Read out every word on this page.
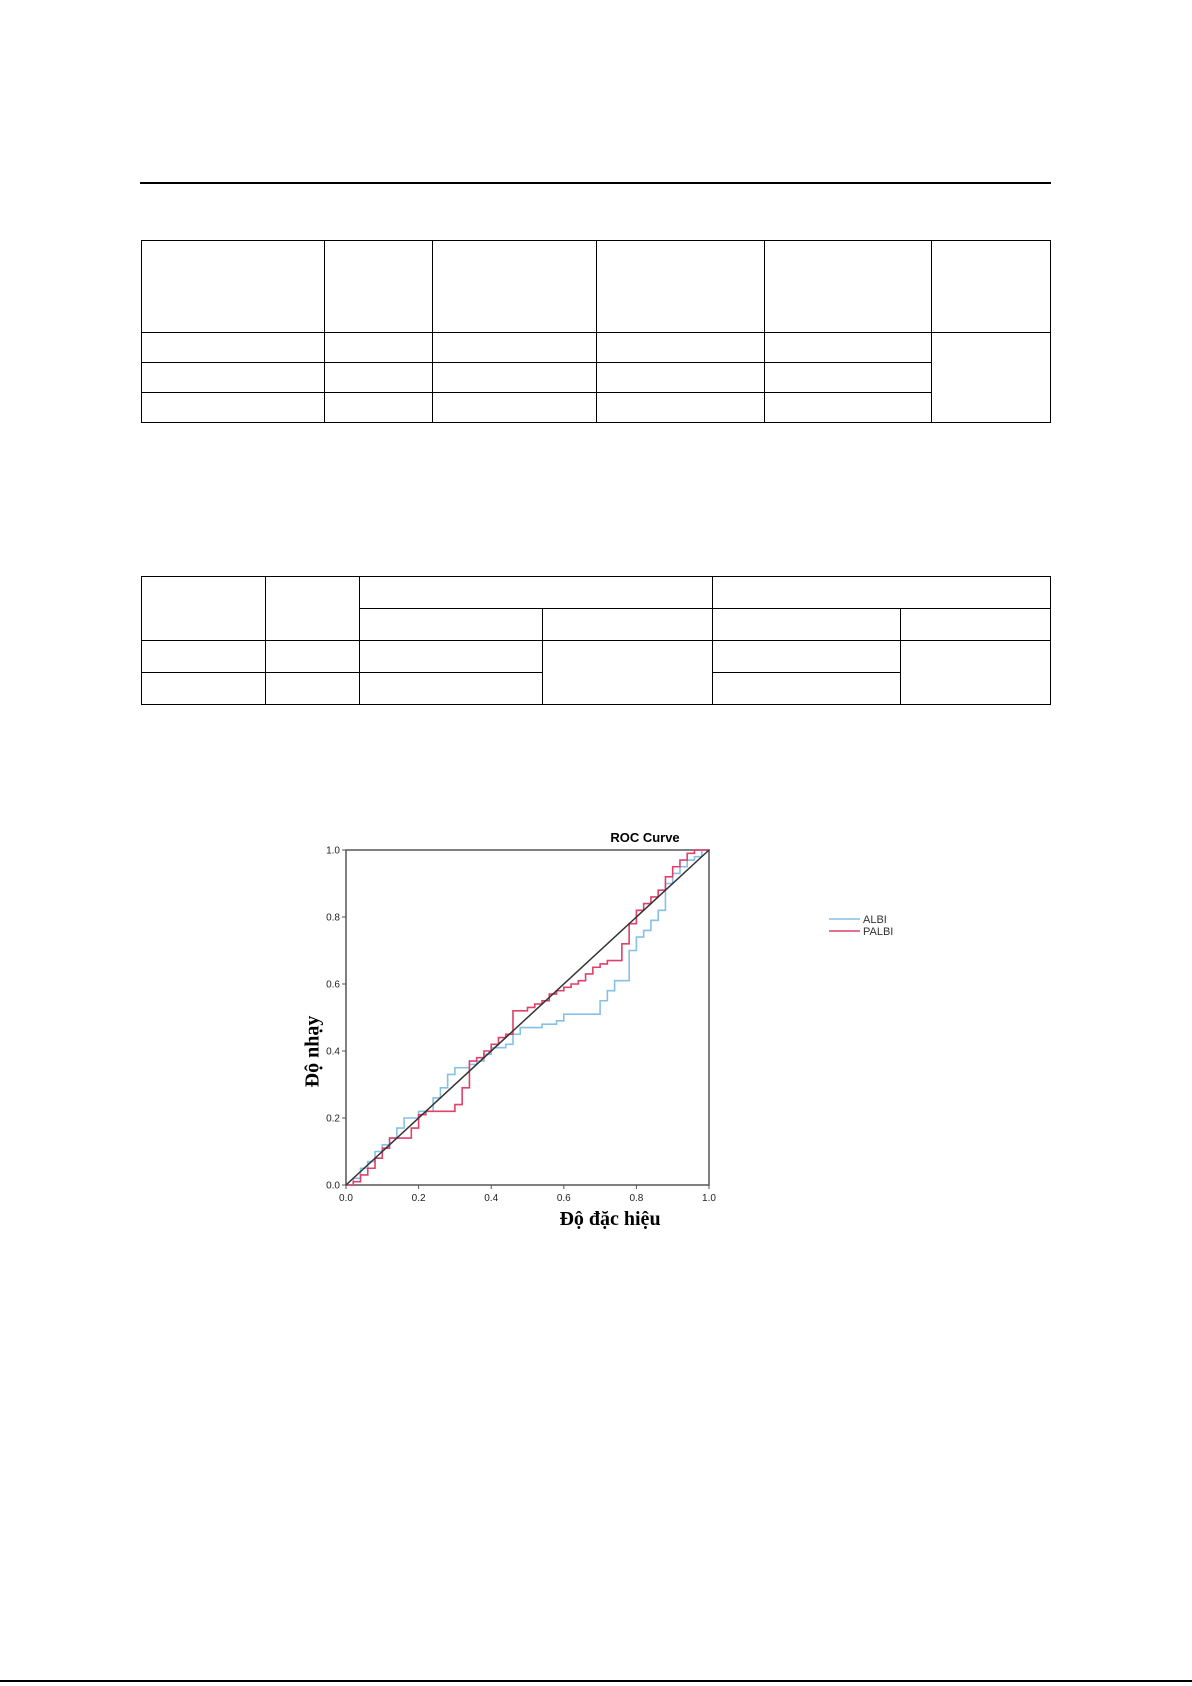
ROC Curve
0.0	0.2	0.4	0.6	0.8	1.0
0.0
0.2
0.4
0.6
0.8
1.0
ALBI
PALBI
Độ nhạy
Độ đặc hiệu
